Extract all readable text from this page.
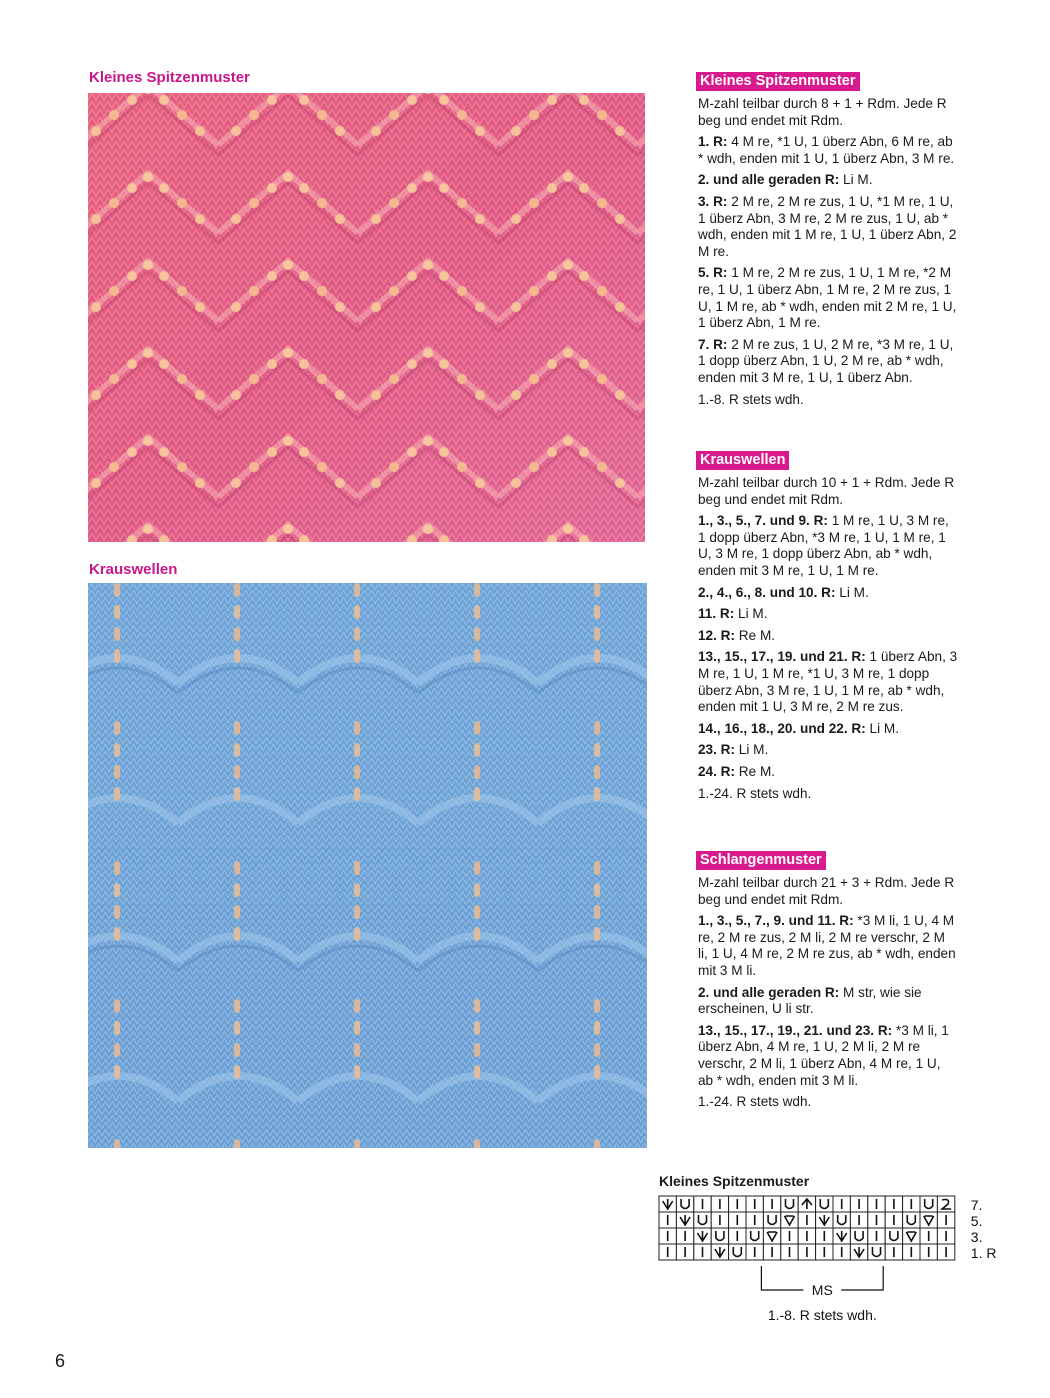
Kleines Spitzenmuster
Krauswellen
Kleines Spitzenmuster
M-zahl teilbar durch 8 + 1 + Rdm. Jede R beg und endet mit Rdm.
1. R: 4 M re, *1 U, 1 überz Abn, 6 M re, ab * wdh, enden mit 1 U, 1 überz Abn, 3 M re.
2. und alle geraden R: Li M.
3. R: 2 M re, 2 M re zus, 1 U, *1 M re, 1 U, 1 überz Abn, 3 M re, 2 M re zus, 1 U, ab * wdh, enden mit 1 M re, 1 U, 1 überz Abn, 2 M re.
5. R: 1 M re, 2 M re zus, 1 U, 1 M re, *2 M re, 1 U, 1 überz Abn, 1 M re, 2 M re zus, 1 U, 1 M re, ab * wdh, enden mit 2 M re, 1 U, 1 überz Abn, 1 M re.
7. R: 2 M re zus, 1 U, 2 M re, *3 M re, 1 U, 1 dopp überz Abn, 1 U, 2 M re, ab * wdh, enden mit 3 M re, 1 U, 1 überz Abn.
1.-8. R stets wdh.
Krauswellen
M-zahl teilbar durch 10 + 1 + Rdm. Jede R beg und endet mit Rdm.
1., 3., 5., 7. und 9. R: 1 M re, 1 U, 3 M re, 1 dopp überz Abn, *3 M re, 1 U, 1 M re, 1 U, 3 M re, 1 dopp überz Abn, ab * wdh, enden mit 3 M re, 1 U, 1 M re.
2., 4., 6., 8. und 10. R: Li M.
11. R: Li M.
12. R: Re M.
13., 15., 17., 19. und 21. R: 1 überz Abn, 3 M re, 1 U, 1 M re, *1 U, 3 M re, 1 dopp überz Abn, 3 M re, 1 U, 1 M re, ab * wdh, enden mit 1 U, 3 M re, 2 M re zus.
14., 16., 18., 20. und 22. R: Li M.
23. R: Li M.
24. R: Re M.
1.-24. R stets wdh.
Schlangenmuster
M-zahl teilbar durch 21 + 3 + Rdm. Jede R beg und endet mit Rdm.
1., 3., 5., 7., 9. und 11. R: *3 M li, 1 U, 4 M re, 2 M re zus, 2 M li, 2 M re verschr, 2 M li, 1 U, 4 M re, 2 M re zus, ab * wdh, enden mit 3 M li.
2. und alle geraden R: M str, wie sie erscheinen, U li str.
13., 15., 17., 19., 21. und 23. R: *3 M li, 1 überz Abn, 4 M re, 1 U, 2 M li, 2 M re verschr, 2 M li, 1 überz Abn, 4 M re, 1 U, ab * wdh, enden mit 3 M li.
1.-24. R stets wdh.
Kleines Spitzenmuster
7.
5.
3.
1. R
MS
1.-8. R stets wdh.
6
